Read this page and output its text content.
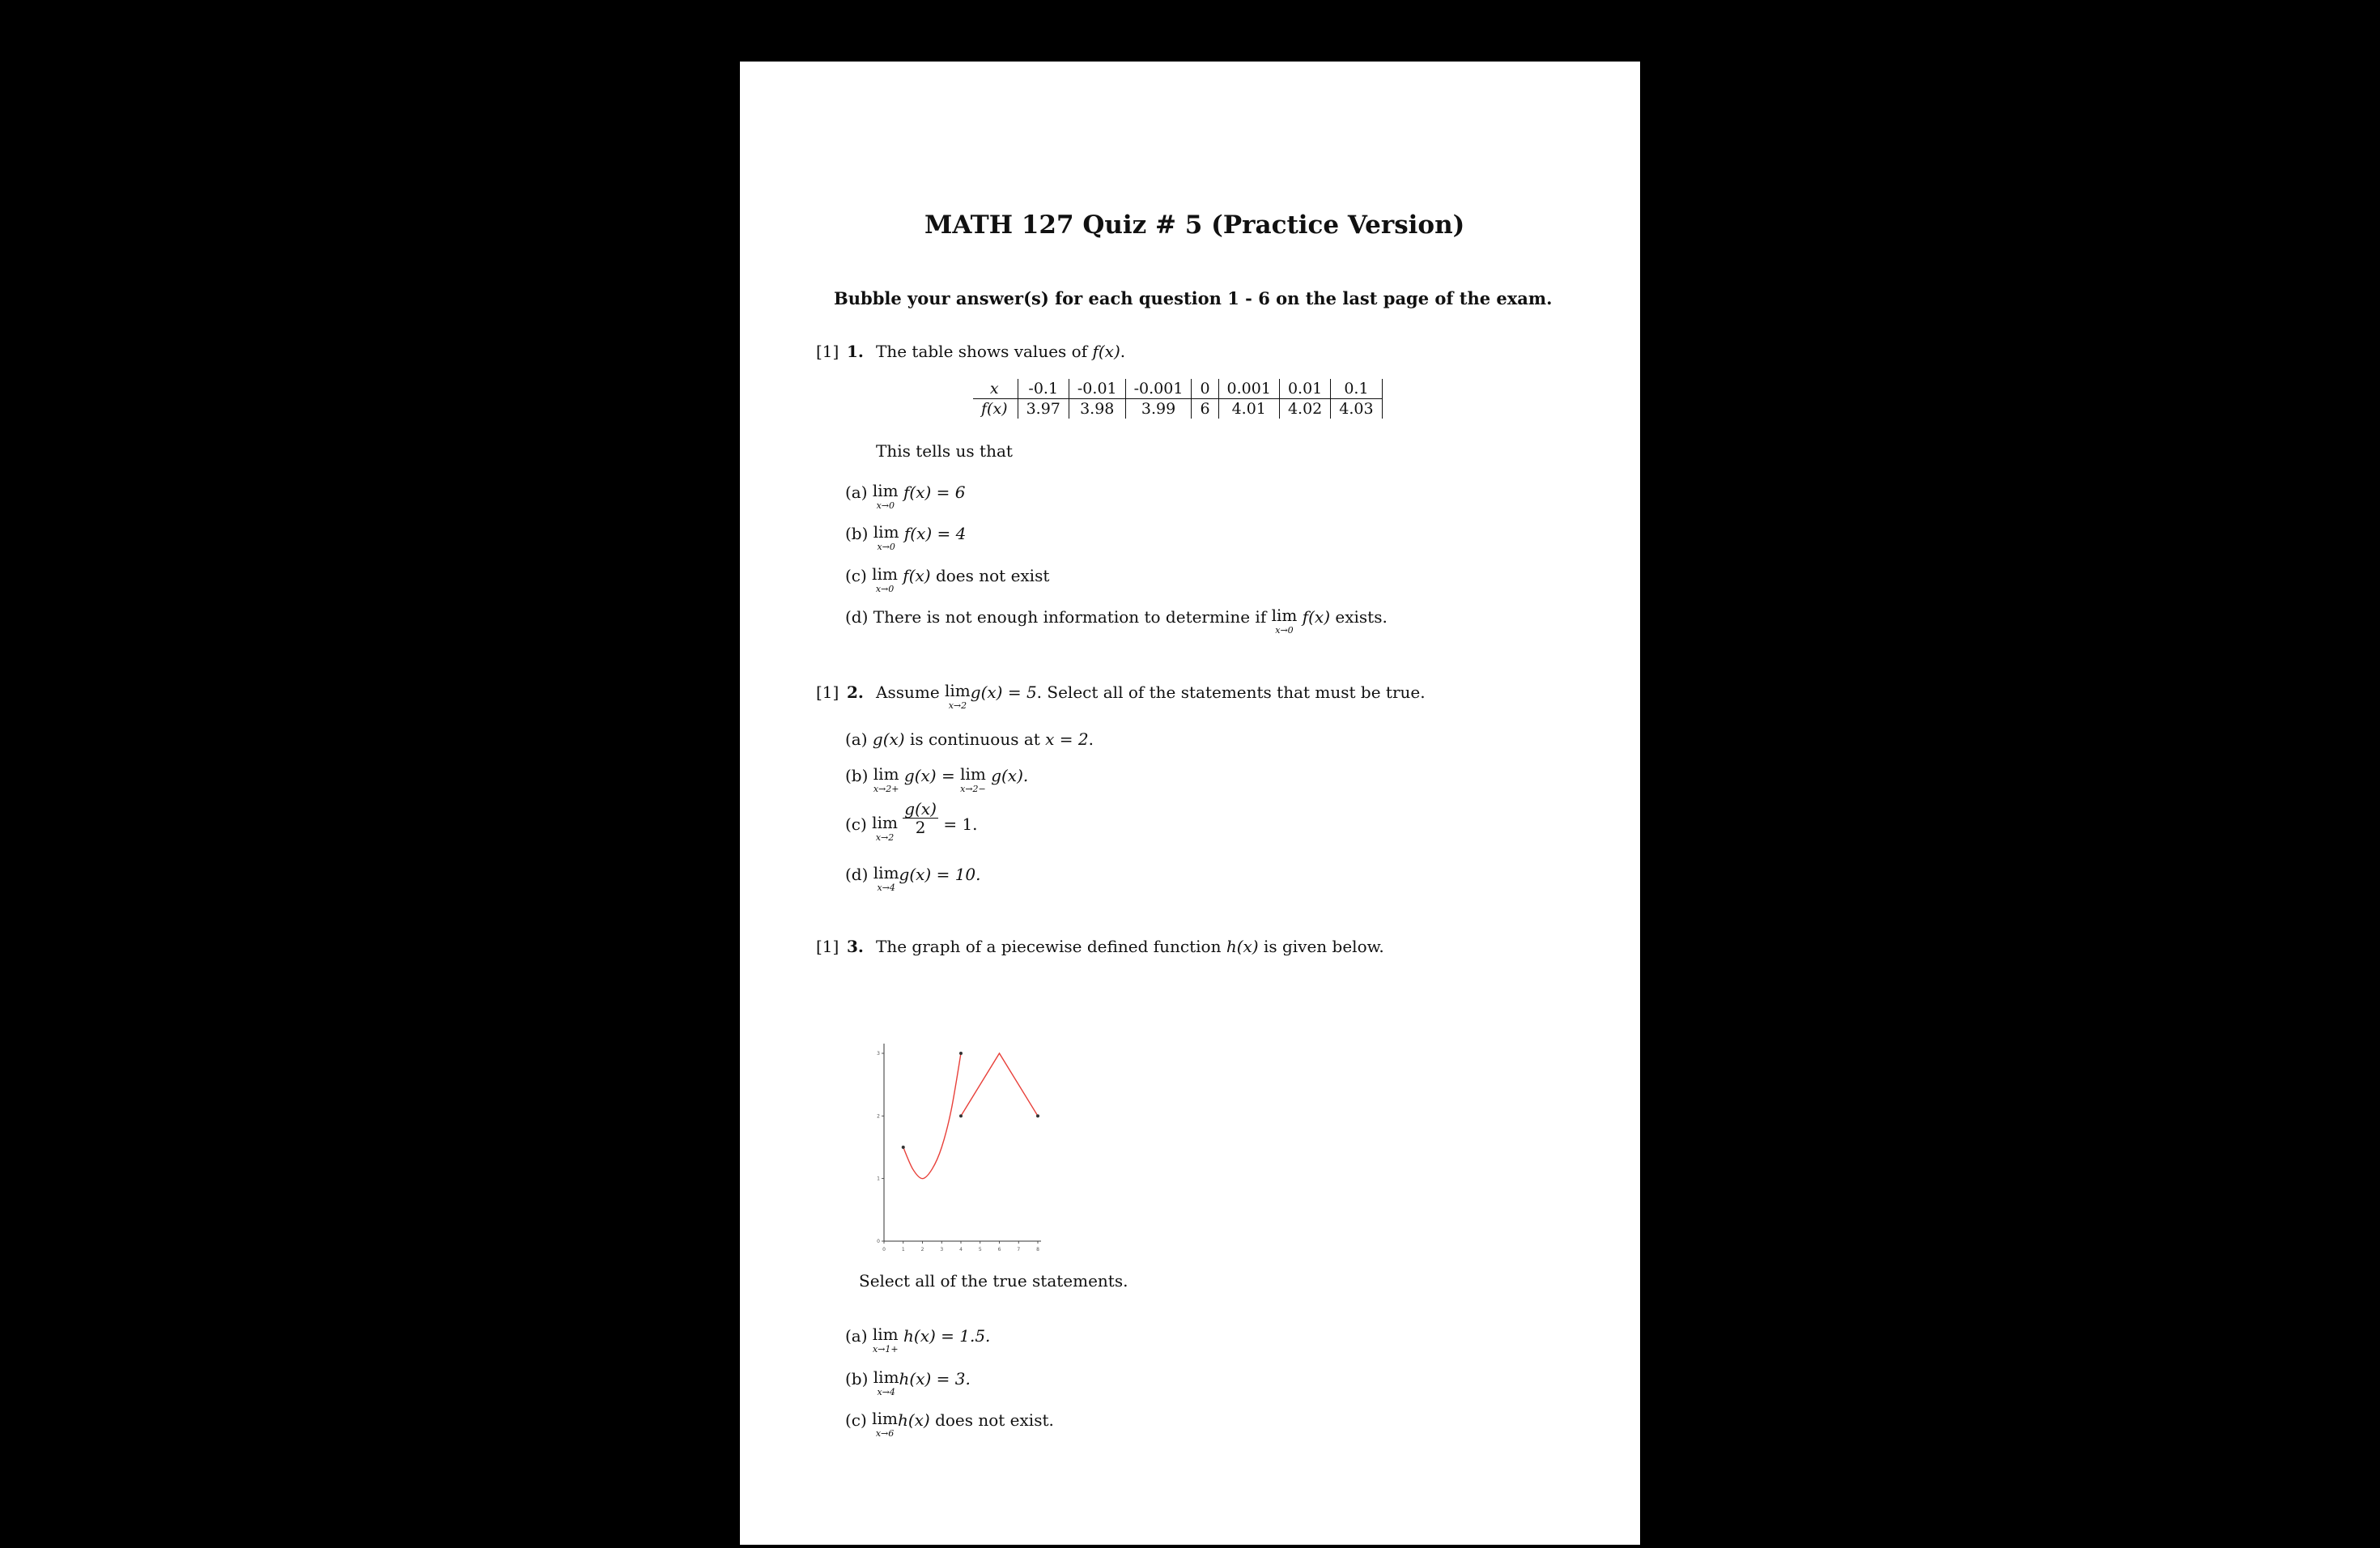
MATH 127 Quiz # 5 (Practice Version)
Bubble your answer(s) for each question 1 - 6 on the last page of the exam.
[1] 1. The table shows values of f(x).
x	-0.1	-0.01	-0.001	0	0.001	0.01	0.1
f(x)	3.97	3.98	3.99	6	4.01	4.02	4.03
This tells us that
(a) lim
x→0
f(x) = 6
(b) lim
x→0
f(x) = 4
(c) lim
x→0
f(x) does not exist
(d) There is not enough information to determine if lim
x→0
f(x) exists.
[1] 2. Assume lim
x→2
g(x) = 5. Select all of the statements that must be true.
(a) g(x) is continuous at x = 2.
(b) lim
x→2+
g(x) = lim
x→2−
g(x).
(c) lim
x→2

$\frac{g(x)}{2} = 1$.
(d) lim
x→4
g(x) = 10.
[1] 3. The graph of a piecewise defined function h(x) is given below.
0	1	2	3	4	5	6	7	8
0
1
2
3
Select all of the true statements.
(a) lim
x→1+
h(x) = 1.5.
(b) lim
x→4
h(x) = 3.
(c) lim
x→6
h(x) does not exist.
